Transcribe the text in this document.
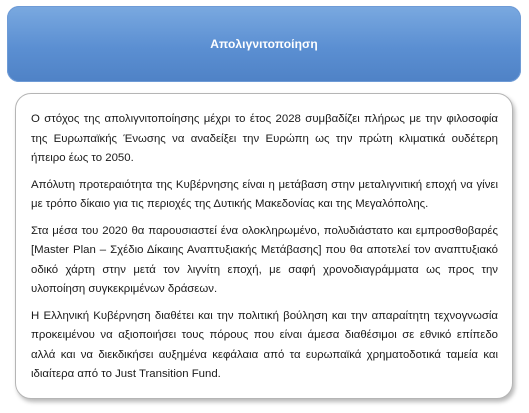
Απολιγνιτοποίηση

Ο στόχος της απολιγνιτοποίησης μέχρι το έτος 2028 συμβαδίζει πλήρως με την φιλοσοφία της Ευρωπαϊκής Ένωσης να αναδείξει την Ευρώπη ως την πρώτη κλιματικά ουδέτερη ήπειρο έως το 2050.

Απόλυτη προτεραιότητα της Κυβέρνησης είναι η μετάβαση στην μεταλιγνιτική εποχή να γίνει με τρόπο δίκαιο για τις περιοχές της Δυτικής Μακεδονίας και της Μεγαλόπολης.

Στα μέσα του 2020 θα παρουσιαστεί ένα ολοκληρωμένο, πολυδιάστατο και εμπροσθοβαρές [Master Plan – Σχέδιο Δίκαιης Αναπτυξιακής Μετάβασης] που θα αποτελεί τον αναπτυξιακό οδικό χάρτη στην μετά τον λιγνίτη εποχή, με σαφή χρονοδιαγράμματα ως προς την υλοποίηση συγκεκριμένων δράσεων.

Η Ελληνική Κυβέρνηση διαθέτει και την πολιτική βούληση και την απαραίτητη τεχνογνωσία προκειμένου να αξιοποιήσει τους πόρους που είναι άμεσα διαθέσιμοι σε εθνικό επίπεδο αλλά και να διεκδικήσει αυξημένα κεφάλαια από τα ευρωπαϊκά χρηματοδοτικά ταμεία και ιδιαίτερα από το Just Transition Fund.
